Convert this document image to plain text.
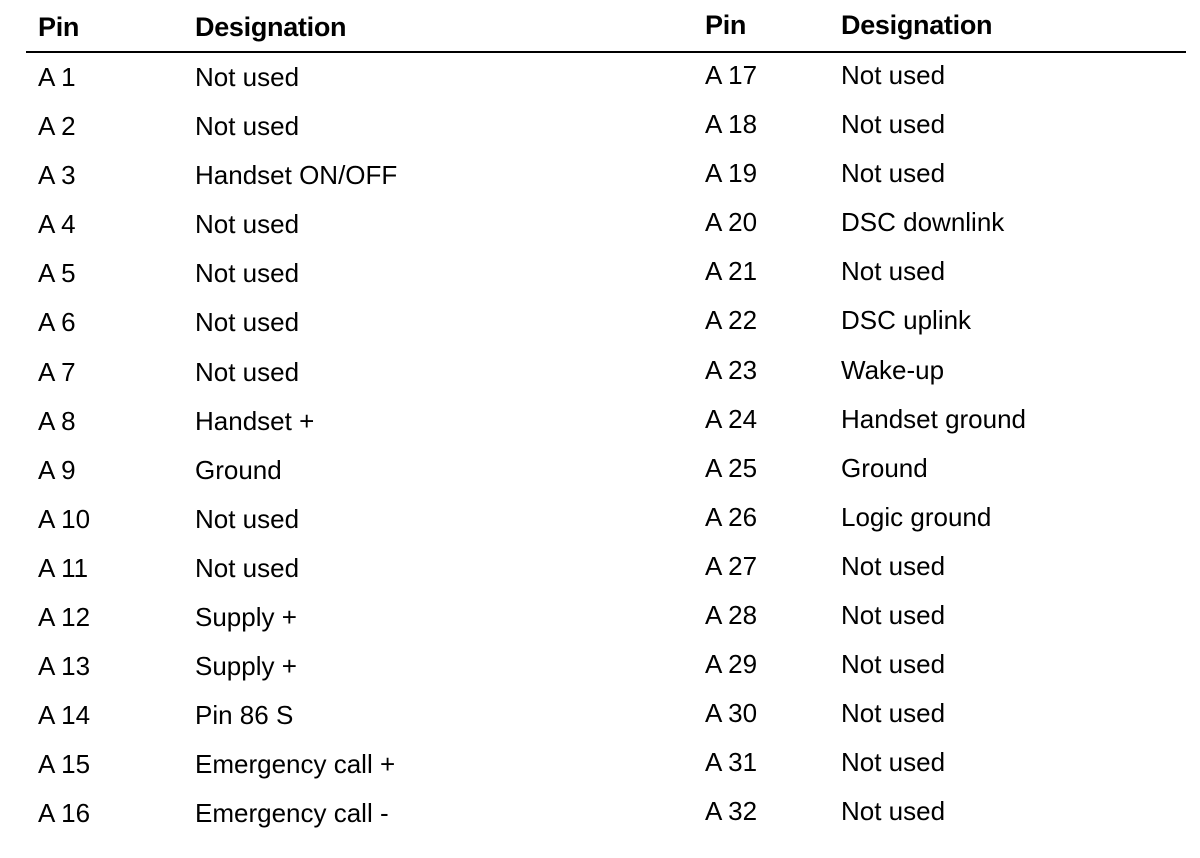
Pin	Designation
A 1	Not used
A 2	Not used
A 3	Handset ON/OFF
A 4	Not used
A 5	Not used
A 6	Not used
A 7	Not used
A 8	Handset +
A 9	Ground
A 10	Not used
A 11	Not used
A 12	Supply +
A 13	Supply +
A 14	Pin 86 S
A 15	Emergency call +
A 16	Emergency call -
Pin	Designation
A 17	Not used
A 18	Not used
A 19	Not used
A 20	DSC downlink
A 21	Not used
A 22	DSC uplink
A 23	Wake-up
A 24	Handset ground
A 25	Ground
A 26	Logic ground
A 27	Not used
A 28	Not used
A 29	Not used
A 30	Not used
A 31	Not used
A 32	Not used
